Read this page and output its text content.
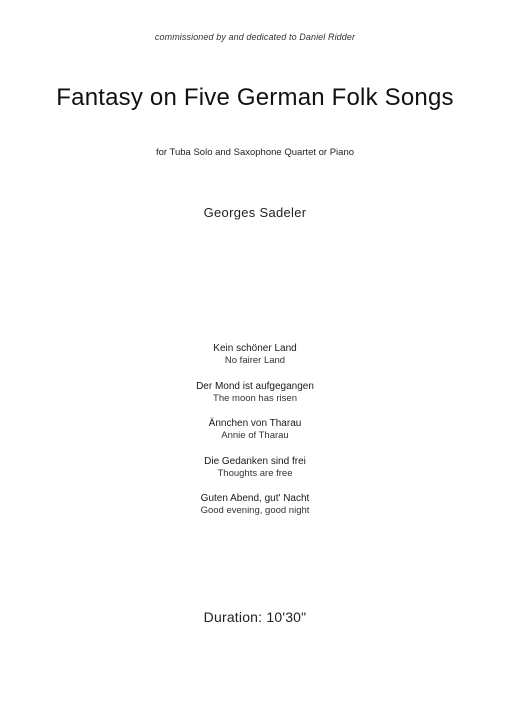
commissioned by and dedicated to Daniel Ridder
Fantasy on Five German Folk Songs
for Tuba Solo and Saxophone Quartet or Piano
Georges Sadeler
Kein schöner Land
No fairer Land
Der Mond ist aufgegangen
The moon has risen
Ännchen von Tharau
Annie of Tharau
Die Gedanken sind frei
Thoughts are free
Guten Abend, gut' Nacht
Good evening, good night
Duration: 10'30"
